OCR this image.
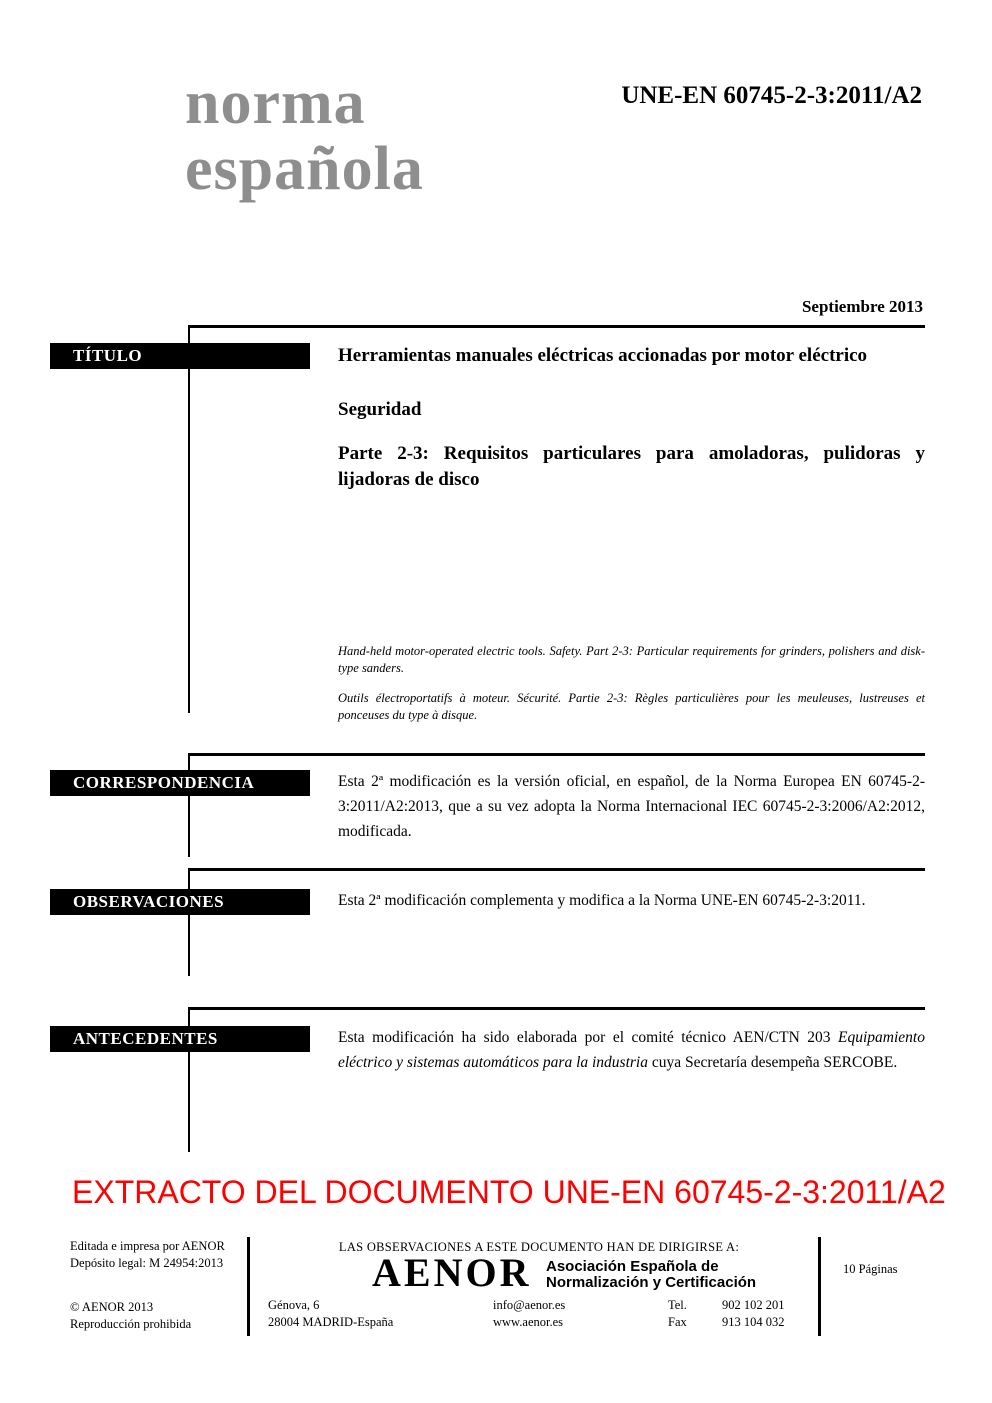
norma
española
UNE-EN 60745-2-3:2011/A2
Septiembre 2013
TÍTULO	Herramientas manuales eléctricas accionadas por motor eléctrico

Seguridad

Parte 2-3: Requisitos particulares para amoladoras, pulidoras y lijadoras de disco

Hand-held motor-operated electric tools. Safety. Part 2-3: Particular requirements for grinders, polishers and disk-type sanders.

Outils électroportatifs à moteur. Sécurité. Partie 2-3: Règles particulières pour les meuleuses, lustreuses et ponceuses du type à disque.

CORRESPONDENCIA	Esta 2ª modificación es la versión oficial, en español, de la Norma Europea EN 60745-2-3:2011/A2:2013, que a su vez adopta la Norma Internacional IEC 60745-2-3:2006/A2:2012, modificada.

OBSERVACIONES	Esta 2ª modificación complementa y modifica a la Norma UNE-EN 60745-2-3:2011.

ANTECEDENTES	Esta modificación ha sido elaborada por el comité técnico AEN/CTN 203 Equipamiento eléctrico y sistemas automáticos para la industria cuya Secretaría desempeña SERCOBE.

EXTRACTO DEL DOCUMENTO UNE-EN 60745-2-3:2011/A2
Editada e impresa por AENOR
Depósito legal: M 24954:2013
© AENOR 2013
Reproducción prohibida
LAS OBSERVACIONES A ESTE DOCUMENTO HAN DE DIRIGIRSE A:
AENOR Asociación Española de
Normalización y Certificación
Génova, 6
28004 MADRID-España
info@aenor.es
www.aenor.es
Tel.	902 102 201
Fax	913 104 032
10 Páginas
